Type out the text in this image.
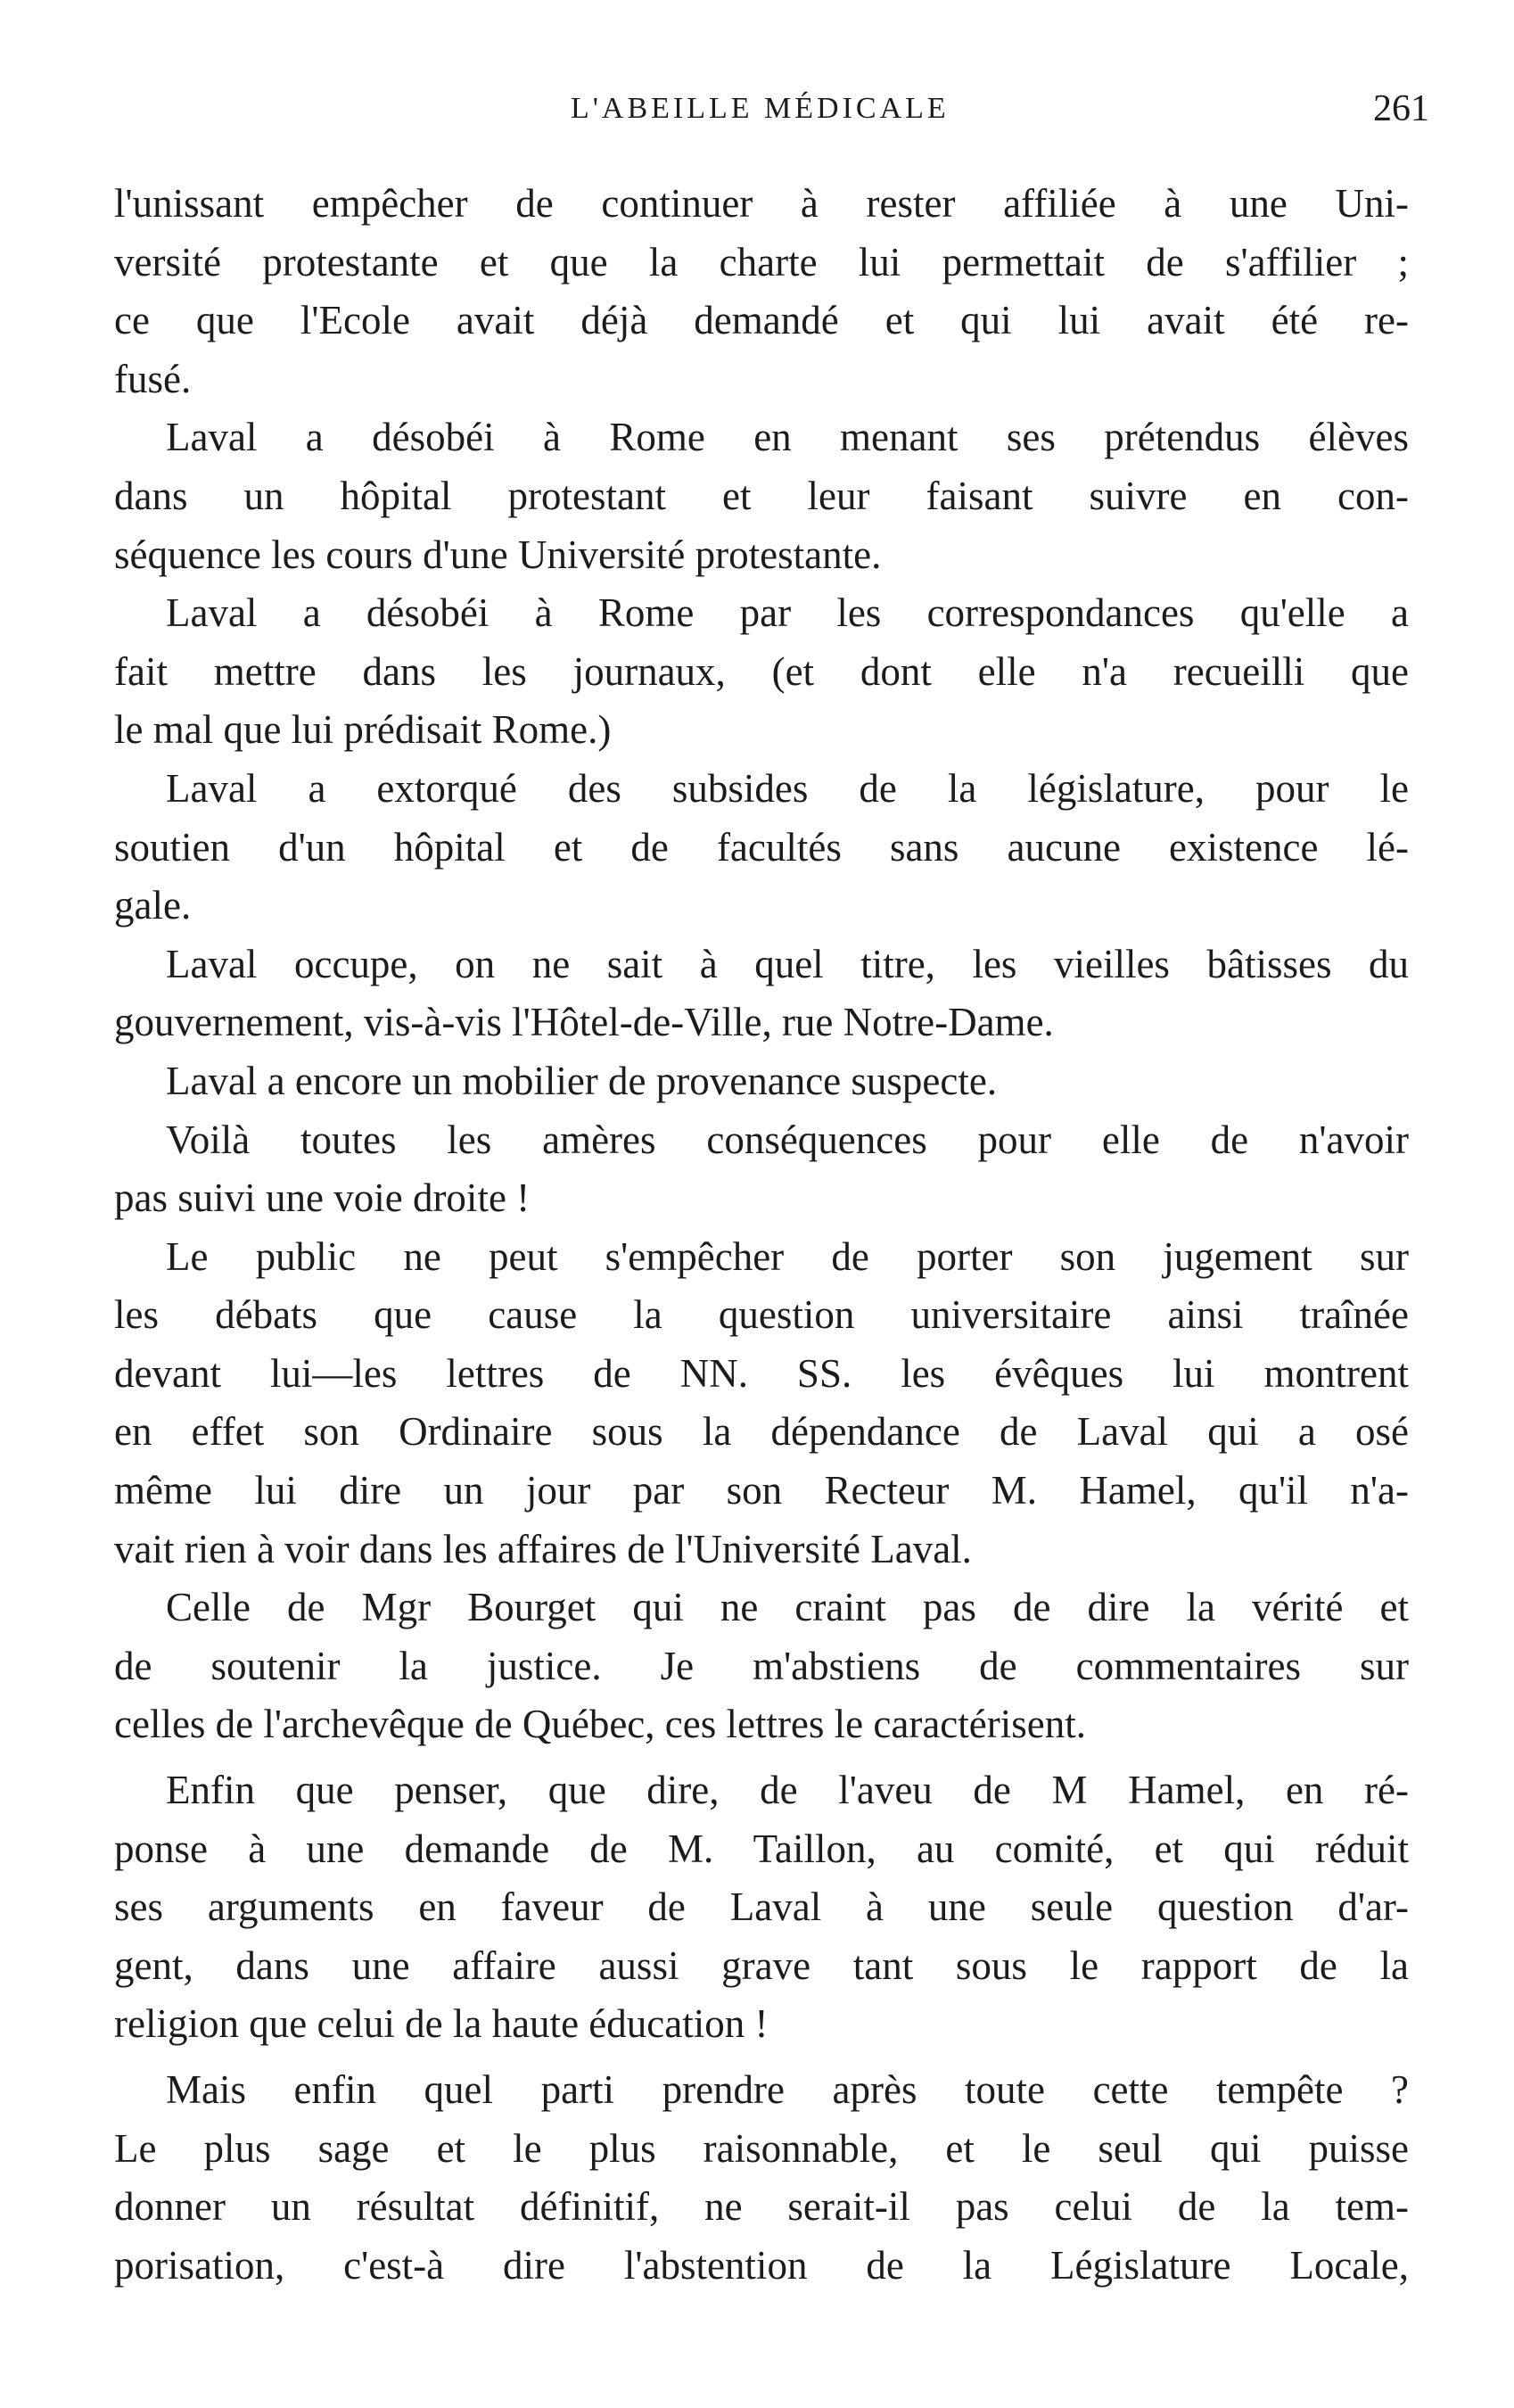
L'ABEILLE MÉDICALE	261

l'unissant empêcher de continuer à rester affiliée à une Uni-
versité protestante et que la charte lui permettait de s'affilier ;
ce que l'Ecole avait déjà demandé et qui lui avait été re-
fusé.

Laval a désobéi à Rome en menant ses prétendus élèves
dans un hôpital protestant et leur faisant suivre en con-
séquence les cours d'une Université protestante.

Laval a désobéi à Rome par les correspondances qu'elle a
fait mettre dans les journaux, (et dont elle n'a recueilli que
le mal que lui prédisait Rome.)

Laval a extorqué des subsides de la législature, pour le
soutien d'un hôpital et de facultés sans aucune existence lé-
gale.

Laval occupe, on ne sait à quel titre, les vieilles bâtisses du
gouvernement, vis-à-vis l'Hôtel-de-Ville, rue Notre-Dame.

Laval a encore un mobilier de provenance suspecte.

Voilà toutes les amères conséquences pour elle de n'avoir
pas suivi une voie droite !

Le public ne peut s'empêcher de porter son jugement sur
les débats que cause la question universitaire ainsi traînée
devant lui—les lettres de NN. SS. les évêques lui montrent
en effet son Ordinaire sous la dépendance de Laval qui a osé
même lui dire un jour par son Recteur M. Hamel, qu'il n'a-
vait rien à voir dans les affaires de l'Université Laval.

Celle de Mgr Bourget qui ne craint pas de dire la vérité et
de soutenir la justice. Je m'abstiens de commentaires sur
celles de l'archevêque de Québec, ces lettres le caractérisent.

Enfin que penser, que dire, de l'aveu de M Hamel, en ré-
ponse à une demande de M. Taillon, au comité, et qui réduit
ses arguments en faveur de Laval à une seule question d'ar-
gent, dans une affaire aussi grave tant sous le rapport de la
religion que celui de la haute éducation !

Mais enfin quel parti prendre après toute cette tempête ?
Le plus sage et le plus raisonnable, et le seul qui puisse
donner un résultat définitif, ne serait-il pas celui de la tem-
porisation, c'est-à dire l'abstention de la Législature Locale,
